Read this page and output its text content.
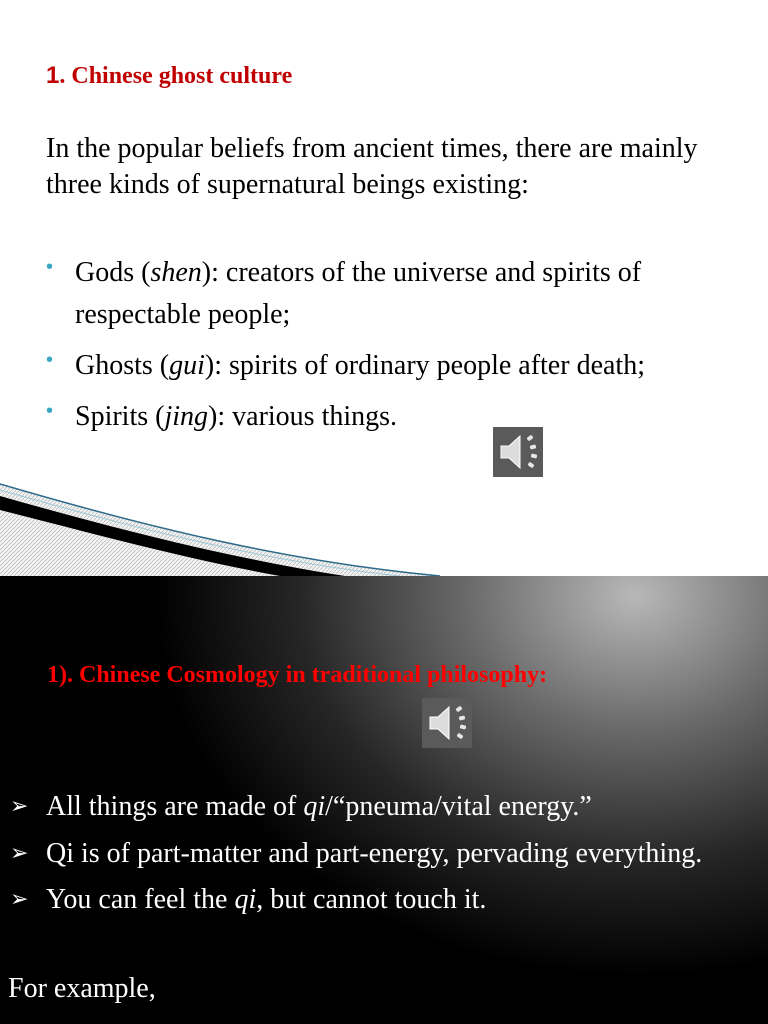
1. Chinese ghost culture
In the popular beliefs from ancient times, there are mainly three kinds of supernatural beings existing:
• Gods (shen): creators of the universe and spirits of respectable people;
• Ghosts (gui): spirits of ordinary people after death;
• Spirits (jing): various things.
1). Chinese Cosmology in traditional philosophy:
➢ All things are made of qi/“pneuma/vital energy.”
➢ Qi is of part-matter and part-energy, pervading everything.
➢ You can feel the qi, but cannot touch it.
For example,
